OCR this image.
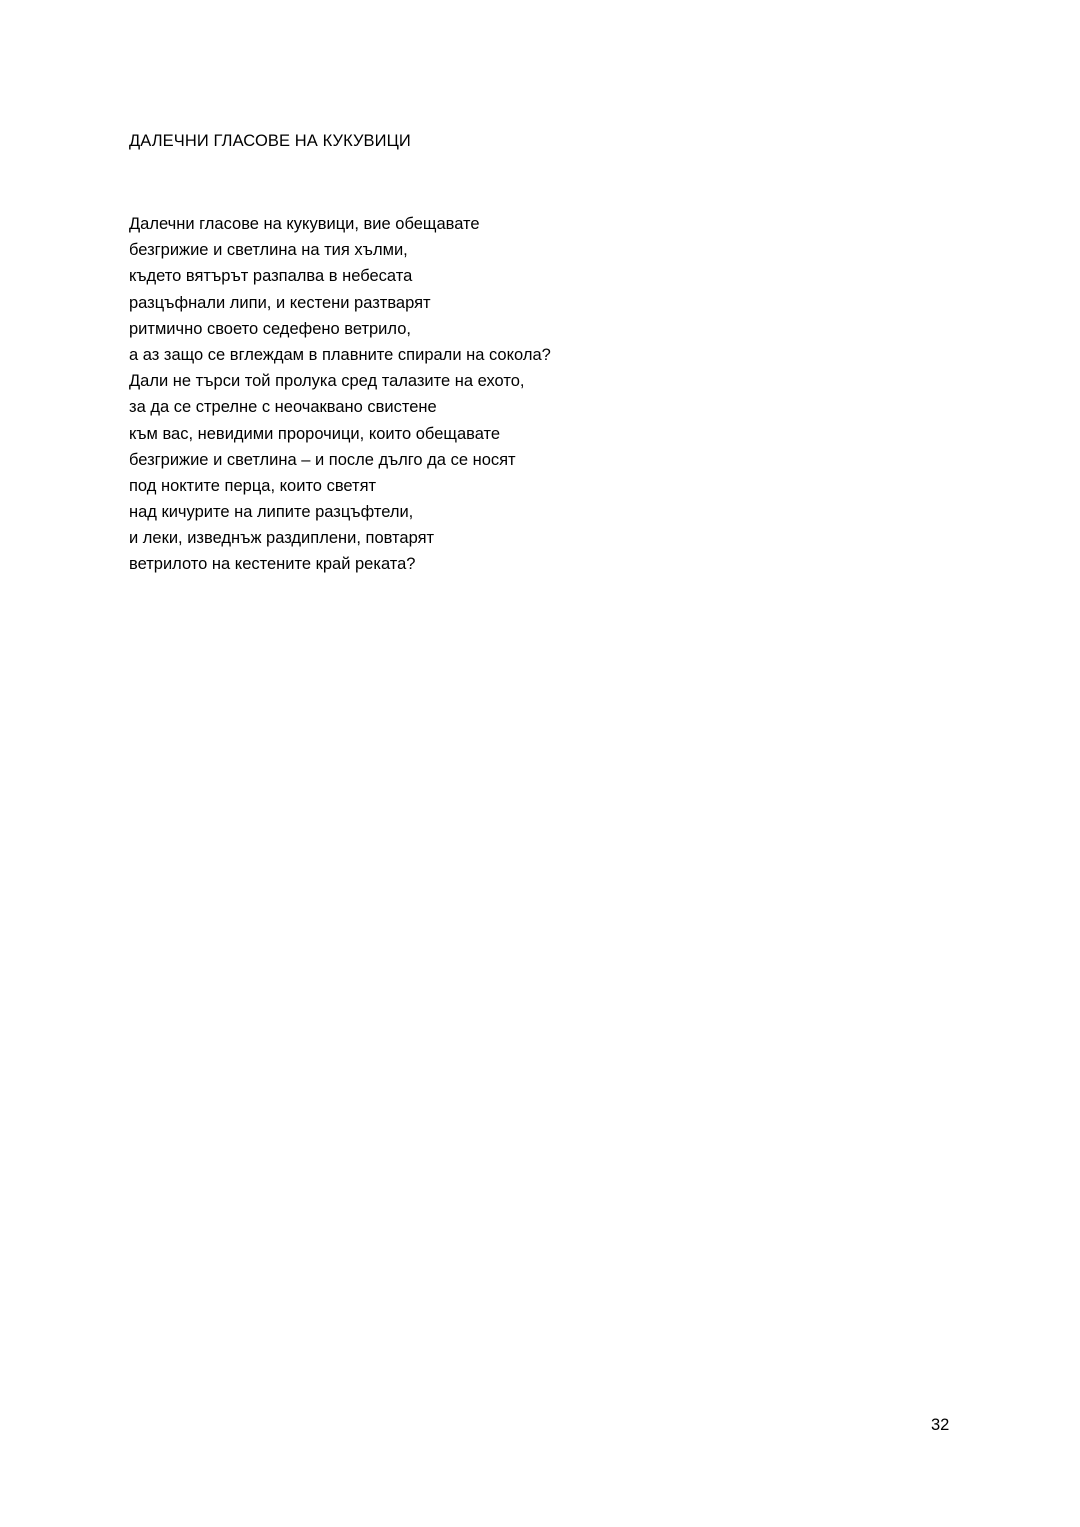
ДАЛЕЧНИ ГЛАСОВЕ НА КУКУВИЦИ
Далечни гласове на кукувици, вие обещавате
безгрижие и светлина на тия хълми,
където вятърът разпалва в небесата
разцъфнали липи, и кестени разтварят
ритмично своето седефено ветрило,
а аз защо се вглеждам в плавните спирали на сокола?
Дали не търси той пролука сред талазите на ехото,
за да се стрелне с неочаквано свистене
към вас, невидими пророчици, които обещавате
безгрижие и светлина – и после дълго да се носят
под ноктите перца, които светят
над кичурите на липите разцъфтели,
и леки, изведнъж раздиплени, повтарят
ветрилото на кестените край реката?
32
